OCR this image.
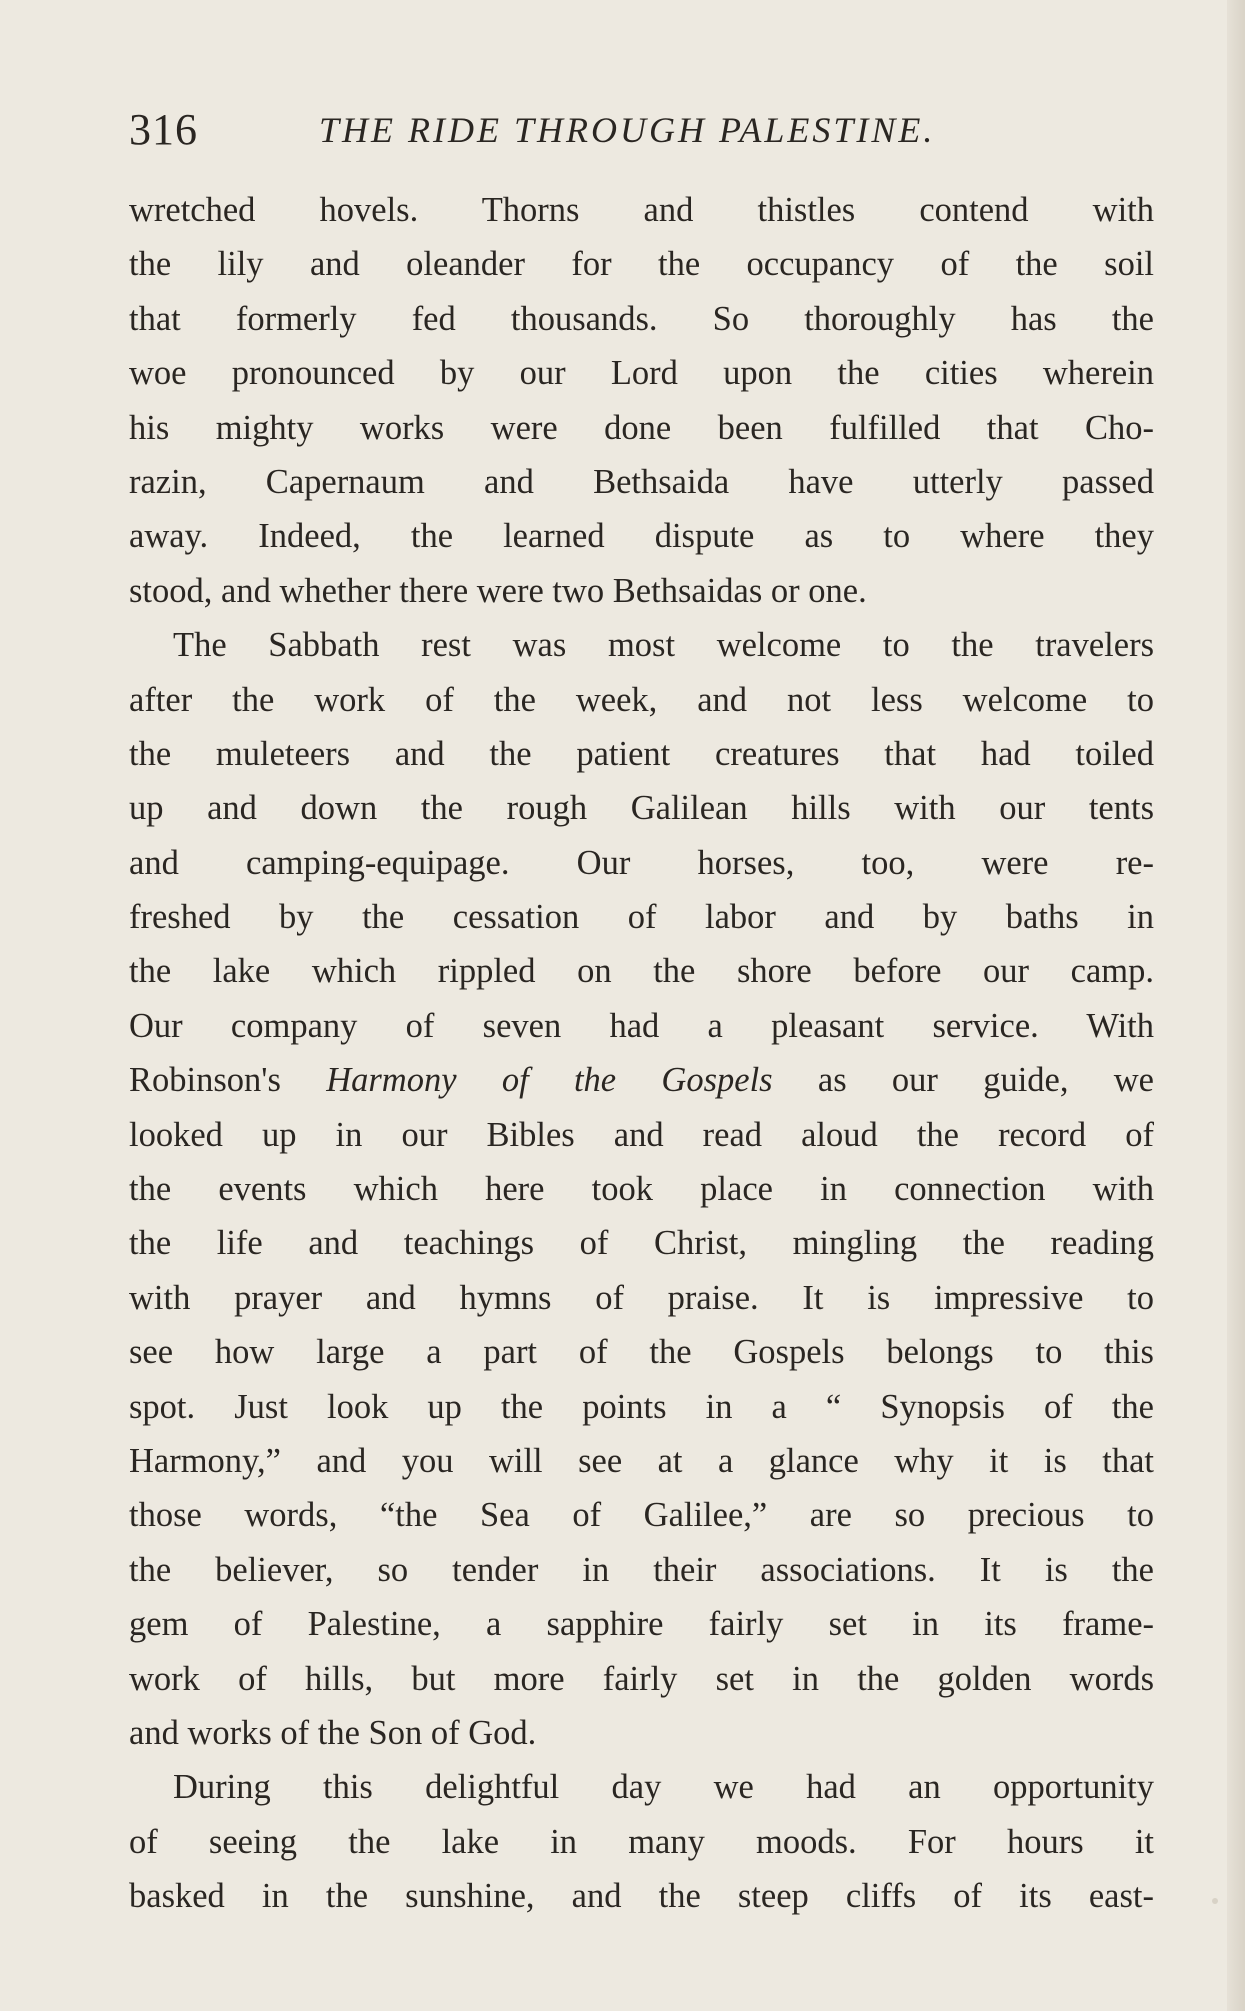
316	THE RIDE THROUGH PALESTINE.
wretched hovels. Thorns and thistles contend with
the lily and oleander for the occupancy of the soil
that formerly fed thousands. So thoroughly has the
woe pronounced by our Lord upon the cities wherein
his mighty works were done been fulfilled that Cho-
razin, Capernaum and Bethsaida have utterly passed
away. Indeed, the learned dispute as to where they
stood, and whether there were two Bethsaidas or one.
The Sabbath rest was most welcome to the travelers
after the work of the week, and not less welcome to
the muleteers and the patient creatures that had toiled
up and down the rough Galilean hills with our tents
and camping-equipage. Our horses, too, were re-
freshed by the cessation of labor and by baths in
the lake which rippled on the shore before our camp.
Our company of seven had a pleasant service. With
Robinson's Harmony of the Gospels as our guide, we
looked up in our Bibles and read aloud the record of
the events which here took place in connection with
the life and teachings of Christ, mingling the reading
with prayer and hymns of praise. It is impressive to
see how large a part of the Gospels belongs to this
spot. Just look up the points in a “ Synopsis of the
Harmony,” and you will see at a glance why it is that
those words, “the Sea of Galilee,” are so precious to
the believer, so tender in their associations. It is the
gem of Palestine, a sapphire fairly set in its frame-
work of hills, but more fairly set in the golden words
and works of the Son of God.
During this delightful day we had an opportunity
of seeing the lake in many moods. For hours it
basked in the sunshine, and the steep cliffs of its east-
